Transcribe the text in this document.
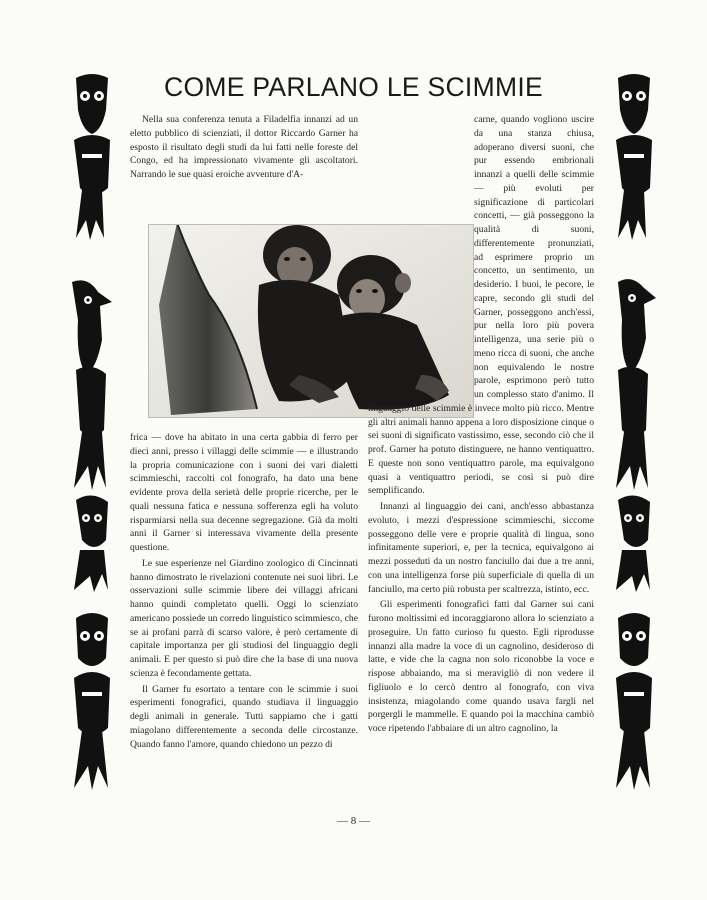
COME PARLANO LE SCIMMIE

Nella sua conferenza tenuta a Filadelfia innanzi ad un eletto pubblico di scienziati, il dottor Riccardo Garner ha esposto il risultato degli studi da lui fatti nelle foreste del Congo, ed ha impressionato vivamente gli ascoltatori. Narrando le sue quasi eroiche avventure d'A-

frica — dove ha abitato in una certa gabbia di ferro per dieci anni, presso i villaggi delle scimmie — e illustrando la propria comunicazione con i suoni dei vari dialetti scimmieschi, raccolti col fonografo, ha dato una bene evidente prova della serietà delle proprie ricerche, per le quali nessuna fatica e nessuna sofferenza egli ha voluto risparmiarsi nella sua decenne segregazione. Già da molti anni il Garner si interessava vivamente della presente questione.

Le sue esperienze nel Giardino zoologico di Cincinnati hanno dimostrato le rivelazioni contenute nei suoi libri. Le osservazioni sulle scimmie libere dei villaggi africani hanno quindi completato quelli. Oggi lo scienziato americano possiede un corredo linguistico scimmiesco, che se ai profani parrà di scarso valore, è però certamente di capitale importanza per gli studiosi del linguaggio degli animali. E per questo si può dire che la base di una nuova scienza è fecondamente gettata.

Il Garner fu esortato a tentare con le scimmie i suoi esperimenti fonografici, quando studiava il linguaggio degli animali in generale. Tutti sappiamo che i gatti miagolano differentemente a seconda delle circostanze. Quando fanno l'amore, quando chiedono un pezzo di

carne, quando vogliono uscire da una stanza chiusa, adoperano diversi suoni, che pur essendo embrionali innanzi a quelli delle scimmie — più evoluti per significazione di particolari concetti, — già posseggono la qualità di suoni, differentemente pronunziati, ad esprimere proprio un concetto, un sentimento, un desiderio. I buoi, le pecore, le capre, secondo gli studi del Garner, posseggono anch'essi, pur nella loro più povera intelligenza, una serie più o meno ricca di suoni, che anche non equivalendo le nostre parole, esprimono però tutto un complesso stato d'animo. Il linguaggio delle scimmie è invece molto più ricco. Mentre gli altri animali hanno appena a loro disposizione cinque o sei suoni di significato vastissimo, esse, secondo ciò che il prof. Garner ha potuto distinguere, ne hanno ventiquattro. E queste non sono ventiquattro parole, ma equivalgono quasi a ventiquattro periodi, se così si può dire semplificando.

Innanzi al linguaggio dei cani, anch'esso abbastanza evoluto, i mezzi d'espressione scimmieschi, siccome posseggono delle vere e proprie qualità di lingua, sono infinitamente superiori, e, per la tecnica, equivalgono ai mezzi posseduti da un nostro fanciullo dai due a tre anni, con una intelligenza forse più superficiale di quella di un fanciullo, ma certo più robusta per scaltrezza, istinto, ecc.

Gli esperimenti fonografici fatti dal Garner sui cani furono moltissimi ed incoraggiarono allora lo scienziato a proseguire. Un fatto curioso fu questo. Egli riprodusse innanzi alla madre la voce di un cagnolino, desideroso di latte, e vide che la cagna non solo riconobbe la voce e rispose abbaiando, ma si meravigliò di non vedere il figliuolo e lo cercò dentro al fonografo, con viva insistenza, miagolando come quando usava fargli nel porgergli le mammelle. E quando poi la macchina cambiò voce ripetendo l'abbaiare di un altro cagnolino, la

— 8 —
